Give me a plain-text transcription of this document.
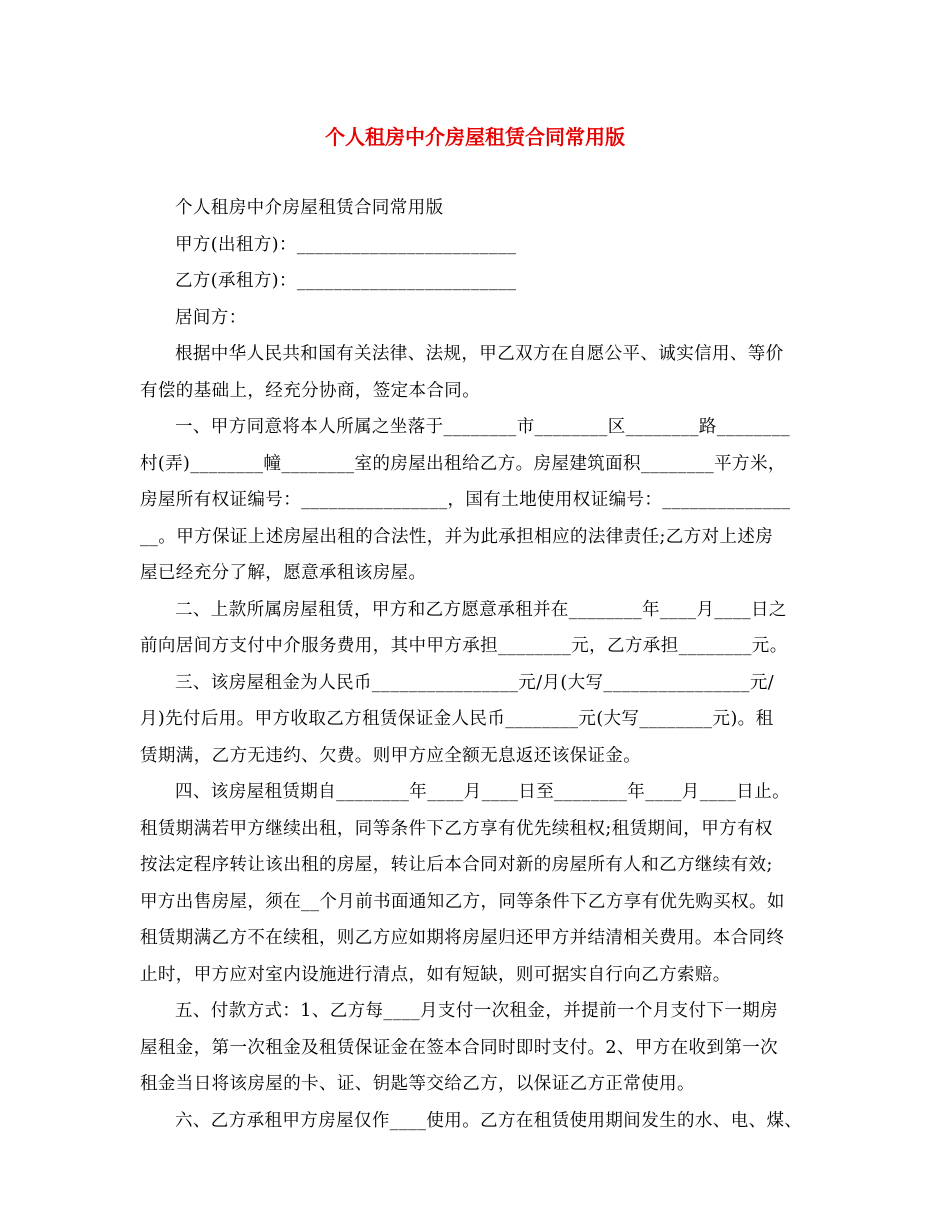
个人租房中介房屋租赁合同常用版
个人租房中介房屋租赁合同常用版
甲方(出租方)：________________________
乙方(承租方)：________________________
居间方：
根据中华人民共和国有关法律、法规，甲乙双方在自愿公平、诚实信用、等价
有偿的基础上，经充分协商，签定本合同。
一、甲方同意将本人所属之坐落于________市________区________路________
村(弄)________幢________室的房屋出租给乙方。房屋建筑面积________平方米，
房屋所有权证编号：________________，国有土地使用权证编号：______________
__。甲方保证上述房屋出租的合法性，并为此承担相应的法律责任;乙方对上述房
屋已经充分了解，愿意承租该房屋。
二、上款所属房屋租赁，甲方和乙方愿意承租并在________年____月____日之
前向居间方支付中介服务费用，其中甲方承担________元，乙方承担________元。
三、该房屋租金为人民币________________元/月(大写________________元/
月)先付后用。甲方收取乙方租赁保证金人民币________元(大写________元)。租
赁期满，乙方无违约、欠费。则甲方应全额无息返还该保证金。
四、该房屋租赁期自________年____月____日至________年____月____日止。
租赁期满若甲方继续出租，同等条件下乙方享有优先续租权;租赁期间，甲方有权
按法定程序转让该出租的房屋，转让后本合同对新的房屋所有人和乙方继续有效;
甲方出售房屋，须在__个月前书面通知乙方，同等条件下乙方享有优先购买权。如
租赁期满乙方不在续租，则乙方应如期将房屋归还甲方并结清相关费用。本合同终
止时，甲方应对室内设施进行清点，如有短缺，则可据实自行向乙方索赔。
五、付款方式：1、乙方每____月支付一次租金，并提前一个月支付下一期房
屋租金，第一次租金及租赁保证金在签本合同时即时支付。2、甲方在收到第一次
租金当日将该房屋的卡、证、钥匙等交给乙方，以保证乙方正常使用。
六、乙方承租甲方房屋仅作____使用。乙方在租赁使用期间发生的水、电、煤、
